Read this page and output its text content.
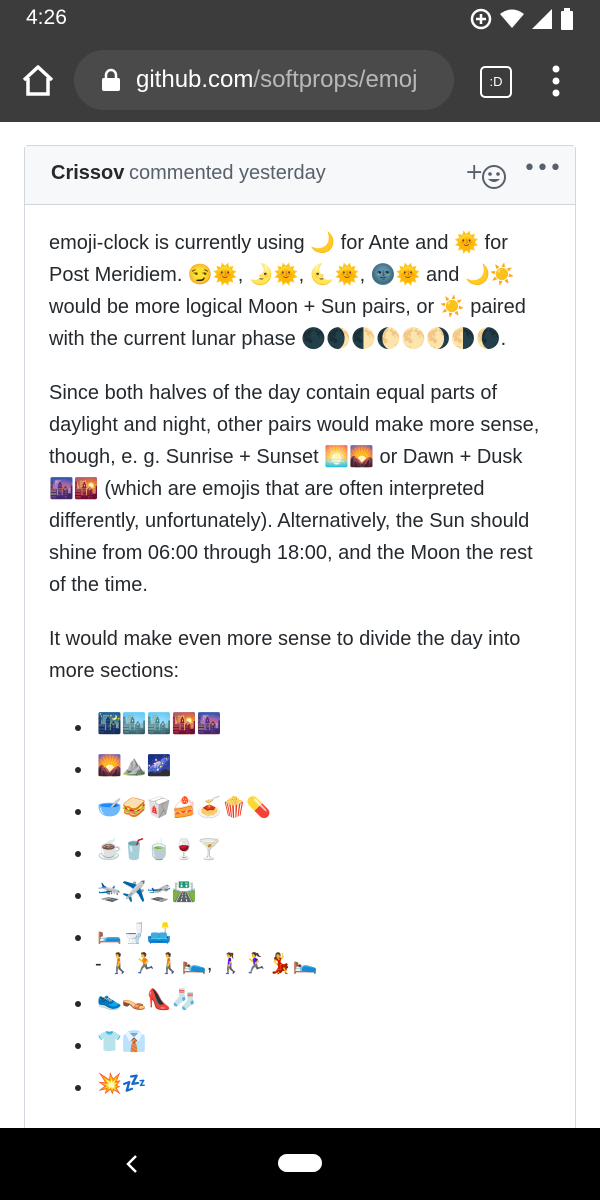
4:26
github.com/softprops/emoj	:D
Crissov commented yesterday	+ •••

emoji-clock is currently using 🌙 for Ante and 🌞 for Post Meridiem. 😏🌞, 🌛🌞, 🌜🌞, 🌚🌞 and 🌙☀️ would be more logical Moon + Sun pairs, or ☀️ paired with the current lunar phase 🌑🌒🌓🌔🌕🌖🌗🌘.

Since both halves of the day contain equal parts of daylight and night, other pairs would make more sense, though, e. g. Sunrise + Sunset 🌅🌄 or Dawn + Dusk 🌆🌇 (which are emojis that are often interpreted differently, unfortunately). Alternatively, the Sun should shine from 06:00 through 18:00, and the Moon the rest of the time.

It would make even more sense to divide the day into more sections:

🌃🏙️🏙️🌇🌆
🌄⛰️🌌
🥣🥪🥡🍰🍝🍿💊
☕🥤🍵🍷🍸
🛬✈️🛫🛣️
🛏️🚽🛋️
- 🚶🏃🚶🛌, 🚶‍♀️🏃‍♀️💃🛌
👟👡👠🧦
👕👔
💥💤
